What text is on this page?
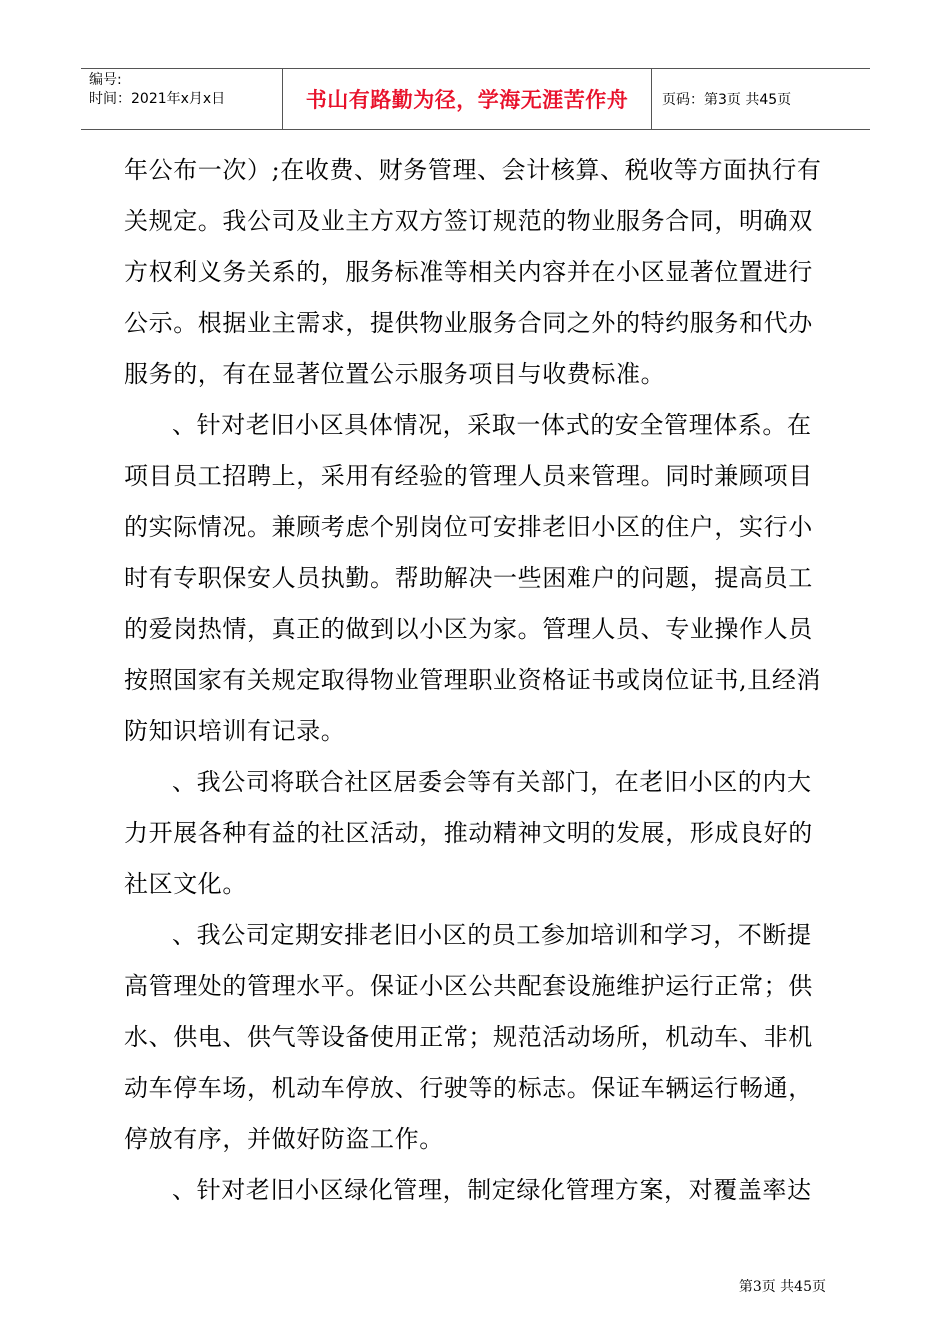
编号:
时间：2021年x月x日	书山有路勤为径，学海无涯苦作舟	页码：第3页 共45页

年公布一次）;在收费、财务管理、会计核算、税收等方面执行有关规定。我公司及业主方双方签订规范的物业服务合同，明确双方权利义务关系的，服务标准等相关内容并在小区显著位置进行公示。根据业主需求，提供物业服务合同之外的特约服务和代办服务的，有在显著位置公示服务项目与收费标准。

、针对老旧小区具体情况，采取一体式的安全管理体系。在项目员工招聘上，采用有经验的管理人员来管理。同时兼顾项目的实际情况。兼顾考虑个别岗位可安排老旧小区的住户，实行小时有专职保安人员执勤。帮助解决一些困难户的问题，提高员工的爱岗热情，真正的做到以小区为家。管理人员、专业操作人员按照国家有关规定取得物业管理职业资格证书或岗位证书,且经消防知识培训有记录。

、我公司将联合社区居委会等有关部门，在老旧小区的内大力开展各种有益的社区活动，推动精神文明的发展，形成良好的社区文化。

、我公司定期安排老旧小区的员工参加培训和学习，不断提高管理处的管理水平。保证小区公共配套设施维护运行正常；供水、供电、供气等设备使用正常；规范活动场所，机动车、非机动车停车场，机动车停放、行驶等的标志。保证车辆运行畅通，停放有序，并做好防盗工作。

、针对老旧小区绿化管理，制定绿化管理方案，对覆盖率达

第3页 共45页
